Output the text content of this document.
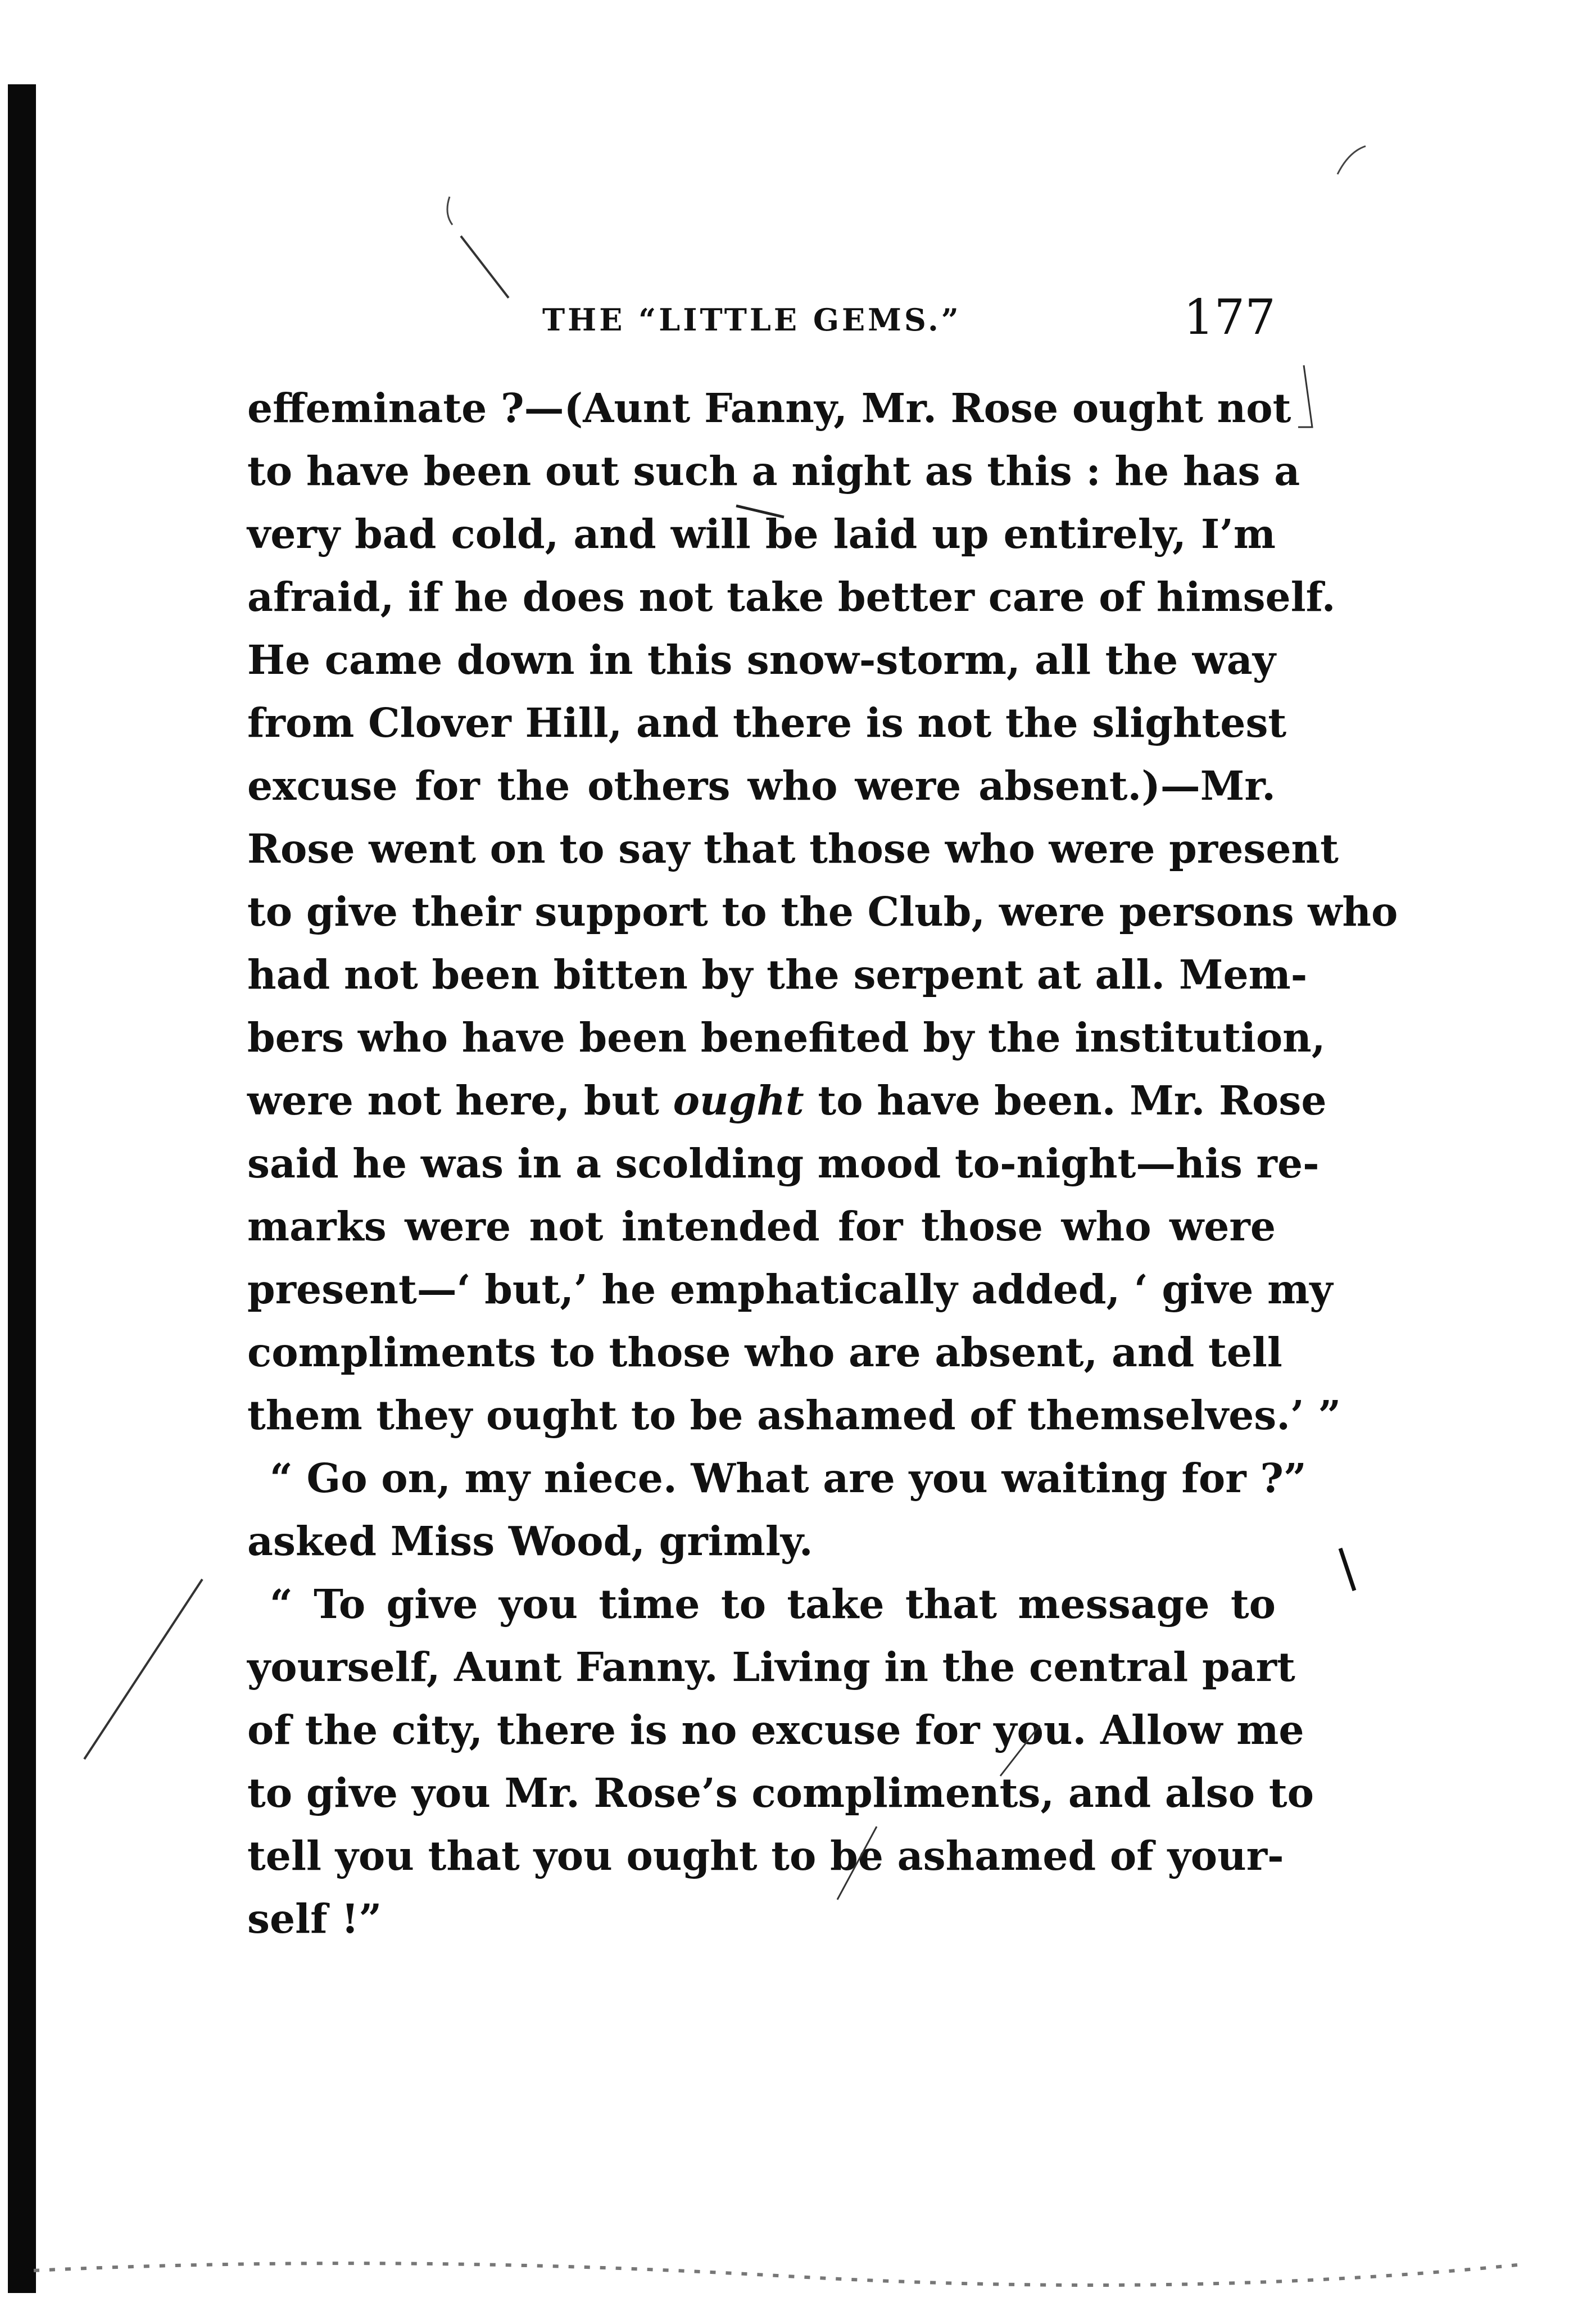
THE “LITTLE GEMS.”	177
effeminate ?—(Aunt Fanny, Mr. Rose ought not
to have been out such a night as this : he has a
very bad cold, and will be laid up entirely, I’m
afraid, if he does not take better care of himself.
He came down in this snow-storm, all the way
from Clover Hill, and there is not the slightest
excuse for the others who were absent.)—Mr.
Rose went on to say that those who were present
to give their support to the Club, were persons who
had not been bitten by the serpent at all. Mem-
bers who have been benefited by the institution,
were not here, but ought to have been. Mr. Rose
said he was in a scolding mood to-night—his re-
marks were not intended for those who were
present—‘ but,’ he emphatically added, ‘ give my
compliments to those who are absent, and tell
them they ought to be ashamed of themselves.’ ”
“ Go on, my niece. What are you waiting for ?”
asked Miss Wood, grimly.
“ To give you time to take that message to
yourself, Aunt Fanny. Living in the central part
of the city, there is no excuse for you. Allow me
to give you Mr. Rose’s compliments, and also to
tell you that you ought to be ashamed of your-
self !”
